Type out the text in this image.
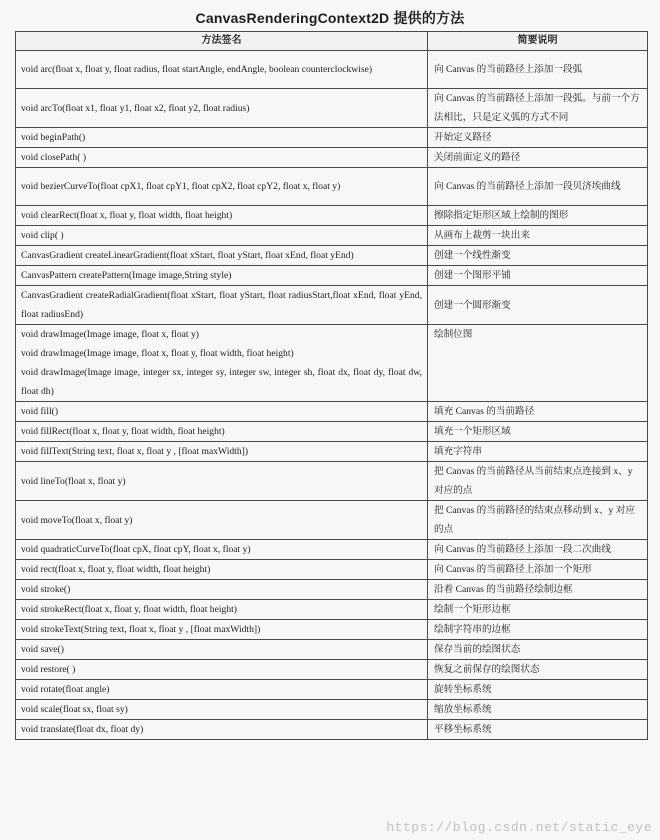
CanvasRenderingContext2D 提供的方法
方法签名	简要说明

void arc(float x, float y, float radius, float startAngle, endAngle, boolean counterclockwise)	向 Canvas 的当前路径上添加一段弧

void arcTo(float x1, float y1, float x2, float y2, float radius)	向 Canvas 的当前路径上添加一段弧。与前一个方法相比，只是定义弧的方式不同

void beginPath()	开始定义路径

void closePath( )	关闭前面定义的路径

void bezierCurveTo(float cpX1, float cpY1, float cpX2, float cpY2, float x, float y)	向 Canvas 的当前路径上添加一段贝济埃曲线

void clearRect(float x, float y, float width, float height)	擦除指定矩形区域上绘制的图形

void clip( )	从画布上裁剪一块出来

CanvasGradient createLinearGradient(float xStart, float yStart, float xEnd, float yEnd)	创建一个线性渐变

CanvasPattern createPattern(Image image,String style)	创建一个图形平铺

CanvasGradient createRadialGradient(float xStart, float yStart, float radiusStart,float xEnd, float yEnd, float radiusEnd)	创建一个圆形渐变

void drawImage(Image image, float x, float y)
void drawImage(Image image, float x, float y, float width, float height)
void drawImage(Image image, integer sx, integer sy, integer sw, integer sh, float dx, float dy, float dw, float dh)	绘制位图

void fill()	填充 Canvas 的当前路径

void fillRect(float x, float y, float width, float height)	填充一个矩形区域

void fillText(String text, float x, float y , [float maxWidth])	填充字符串

void lineTo(float x, float y)	把 Canvas 的当前路径从当前结束点连接到 x、y 对应的点

void moveTo(float x, float y)	把 Canvas 的当前路径的结束点移动到 x、y 对应的点

void quadraticCurveTo(float cpX, float cpY, float x, float y)	向 Canvas 的当前路径上添加一段二次曲线

void rect(float x, float y, float width, float height)	向 Canvas 的当前路径上添加一个矩形

void stroke()	沿着 Canvas 的当前路径绘制边框

void strokeRect(float x, float y, float width, float height)	绘制一个矩形边框

void strokeText(String text, float x, float y , [float maxWidth])	绘制字符串的边框

void save()	保存当前的绘图状态

void restore( )	恢复之前保存的绘图状态

void rotate(float angle)	旋转坐标系统

void scale(float sx, float sy)	缩放坐标系统

void translate(float dx, float dy)	平移坐标系统
https://blog.csdn.net/static_eye
